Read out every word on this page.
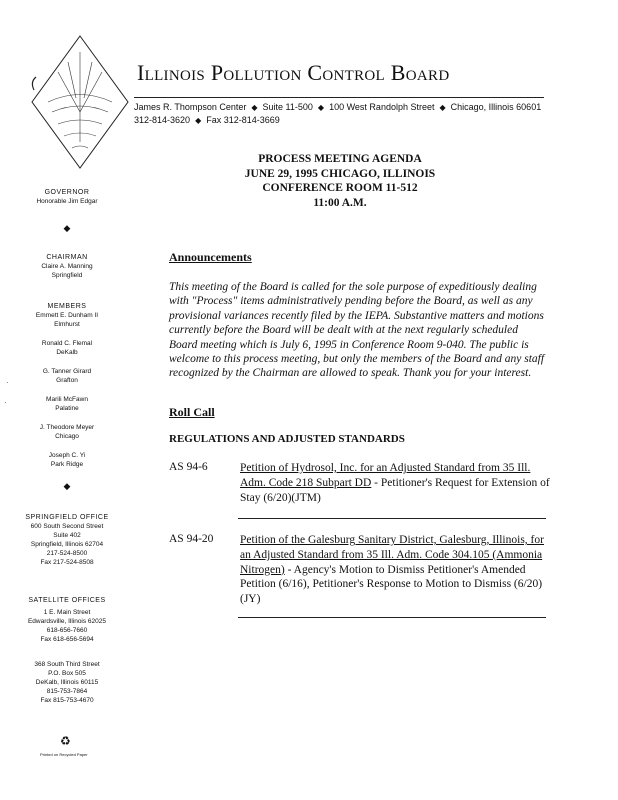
Illinois Pollution Control Board
James R. Thompson Center ◆ Suite 11-500 ◆ 100 West Randolph Street ◆ Chicago, Illinois 60601
312-814-3620 ◆ Fax 312-814-3669
GOVERNOR
Honorable Jim Edgar
◆
CHAIRMAN
Claire A. Manning
Springfield
MEMBERS
Emmett E. Dunham II
Elmhurst
Ronald C. Flemal
DeKalb
G. Tanner Girard
Grafton
Marili McFawn
Palatine
J. Theodore Meyer
Chicago
Joseph C. Yi
Park Ridge
◆
SPRINGFIELD OFFICE
600 South Second Street
Suite 402
Springfield, Illinois 62704
217-524-8500
Fax 217-524-8508
SATELLITE OFFICES
1 E. Main Street
Edwardsville, Illinois 62025
618-656-7660
Fax 618-656-5694
368 South Third Street
P.O. Box 505
DeKalb, Illinois 60115
815-753-7864
Fax 815-753-4670
♻
Printed on Recycled Paper
·
·
PROCESS MEETING AGENDA
JUNE 29, 1995 CHICAGO, ILLINOIS
CONFERENCE ROOM 11-512
11:00 A.M.
Announcements
This meeting of the Board is called for the sole purpose of expeditiously dealing with "Process" items administratively pending before the Board, as well as any provisional variances recently filed by the IEPA. Substantive matters and motions currently before the Board will be dealt with at the next regularly scheduled Board meeting which is July 6, 1995 in Conference Room 9-040. The public is welcome to this process meeting, but only the members of the Board and any staff recognized by the Chairman are allowed to speak. Thank you for your interest.
Roll Call
REGULATIONS AND ADJUSTED STANDARDS
AS 94-6	Petition of Hydrosol, Inc. for an Adjusted Standard from 35 Ill. Adm. Code 218 Subpart DD - Petitioner's Request for Extension of Stay (6/20)(JTM)
AS 94-20 Petition of the Galesburg Sanitary District, Galesburg, Illinois, for an Adjusted Standard from 35 Ill. Adm. Code 304.105 (Ammonia Nitrogen) - Agency's Motion to Dismiss Petitioner's Amended Petition (6/16), Petitioner's Response to Motion to Dismiss (6/20)(JY)
